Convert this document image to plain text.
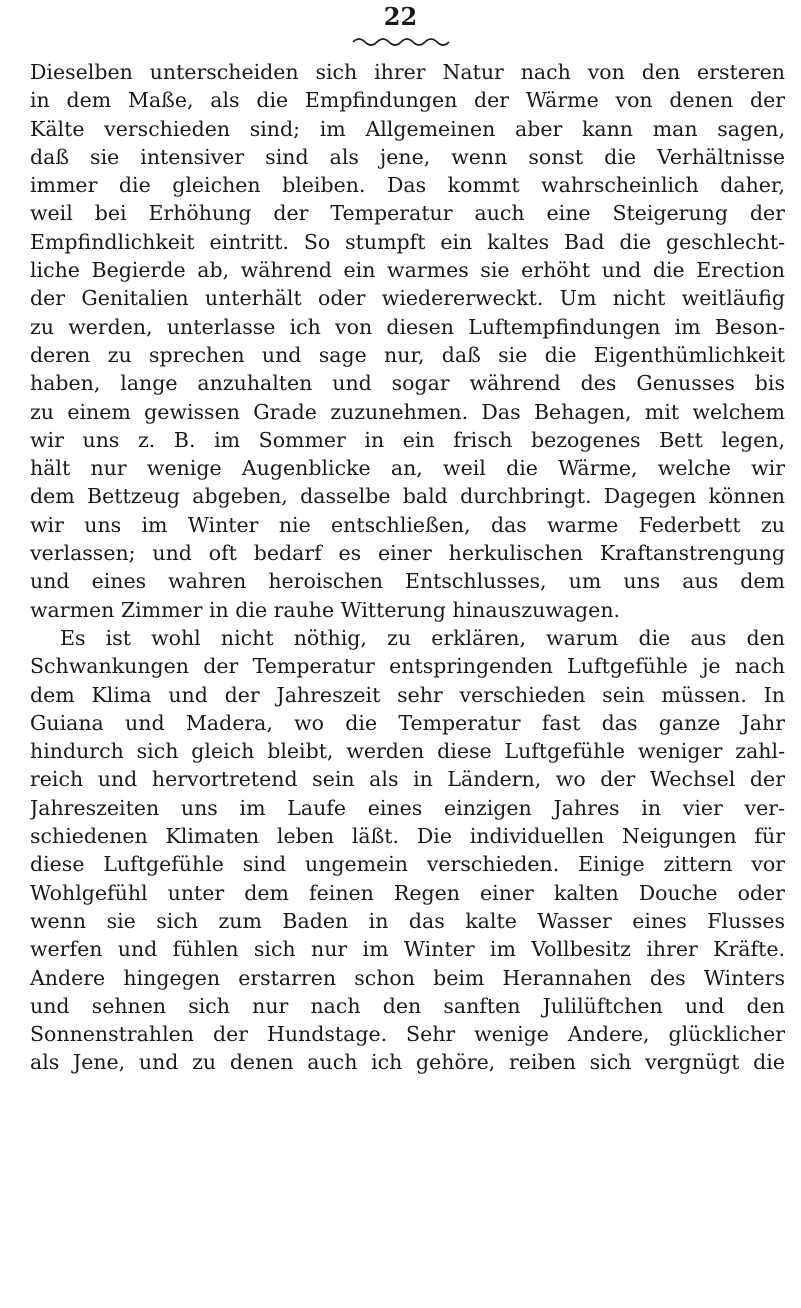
22
Dieselben unterscheiden sich ihrer Natur nach von den ersteren
in dem Maße, als die Empfindungen der Wärme von denen der
Kälte verschieden sind; im Allgemeinen aber kann man sagen,
daß sie intensiver sind als jene, wenn sonst die Verhältnisse
immer die gleichen bleiben. Das kommt wahrscheinlich daher,
weil bei Erhöhung der Temperatur auch eine Steigerung der
Empfindlichkeit eintritt. So stumpft ein kaltes Bad die geschlecht-
liche Begierde ab, während ein warmes sie erhöht und die Erection
der Genitalien unterhält oder wiedererweckt. Um nicht weitläufig
zu werden, unterlasse ich von diesen Luftempfindungen im Beson-
deren zu sprechen und sage nur, daß sie die Eigenthümlichkeit
haben, lange anzuhalten und sogar während des Genusses bis
zu einem gewissen Grade zuzunehmen. Das Behagen, mit welchem
wir uns z. B. im Sommer in ein frisch bezogenes Bett legen,
hält nur wenige Augenblicke an, weil die Wärme, welche wir
dem Bettzeug abgeben, dasselbe bald durchbringt. Dagegen können
wir uns im Winter nie entschließen, das warme Federbett zu
verlassen; und oft bedarf es einer herkulischen Kraftanstrengung
und eines wahren heroischen Entschlusses, um uns aus dem
warmen Zimmer in die rauhe Witterung hinauszuwagen.
Es ist wohl nicht nöthig, zu erklären, warum die aus den
Schwankungen der Temperatur entspringenden Luftgefühle je nach
dem Klima und der Jahreszeit sehr verschieden sein müssen. In
Guiana und Madera, wo die Temperatur fast das ganze Jahr
hindurch sich gleich bleibt, werden diese Luftgefühle weniger zahl-
reich und hervortretend sein als in Ländern, wo der Wechsel der
Jahreszeiten uns im Laufe eines einzigen Jahres in vier ver-
schiedenen Klimaten leben läßt. Die individuellen Neigungen für
diese Luftgefühle sind ungemein verschieden. Einige zittern vor
Wohlgefühl unter dem feinen Regen einer kalten Douche oder
wenn sie sich zum Baden in das kalte Wasser eines Flusses
werfen und fühlen sich nur im Winter im Vollbesitz ihrer Kräfte.
Andere hingegen erstarren schon beim Herannahen des Winters
und sehnen sich nur nach den sanften Julilüftchen und den
Sonnenstrahlen der Hundstage. Sehr wenige Andere, glücklicher
als Jene, und zu denen auch ich gehöre, reiben sich vergnügt die
